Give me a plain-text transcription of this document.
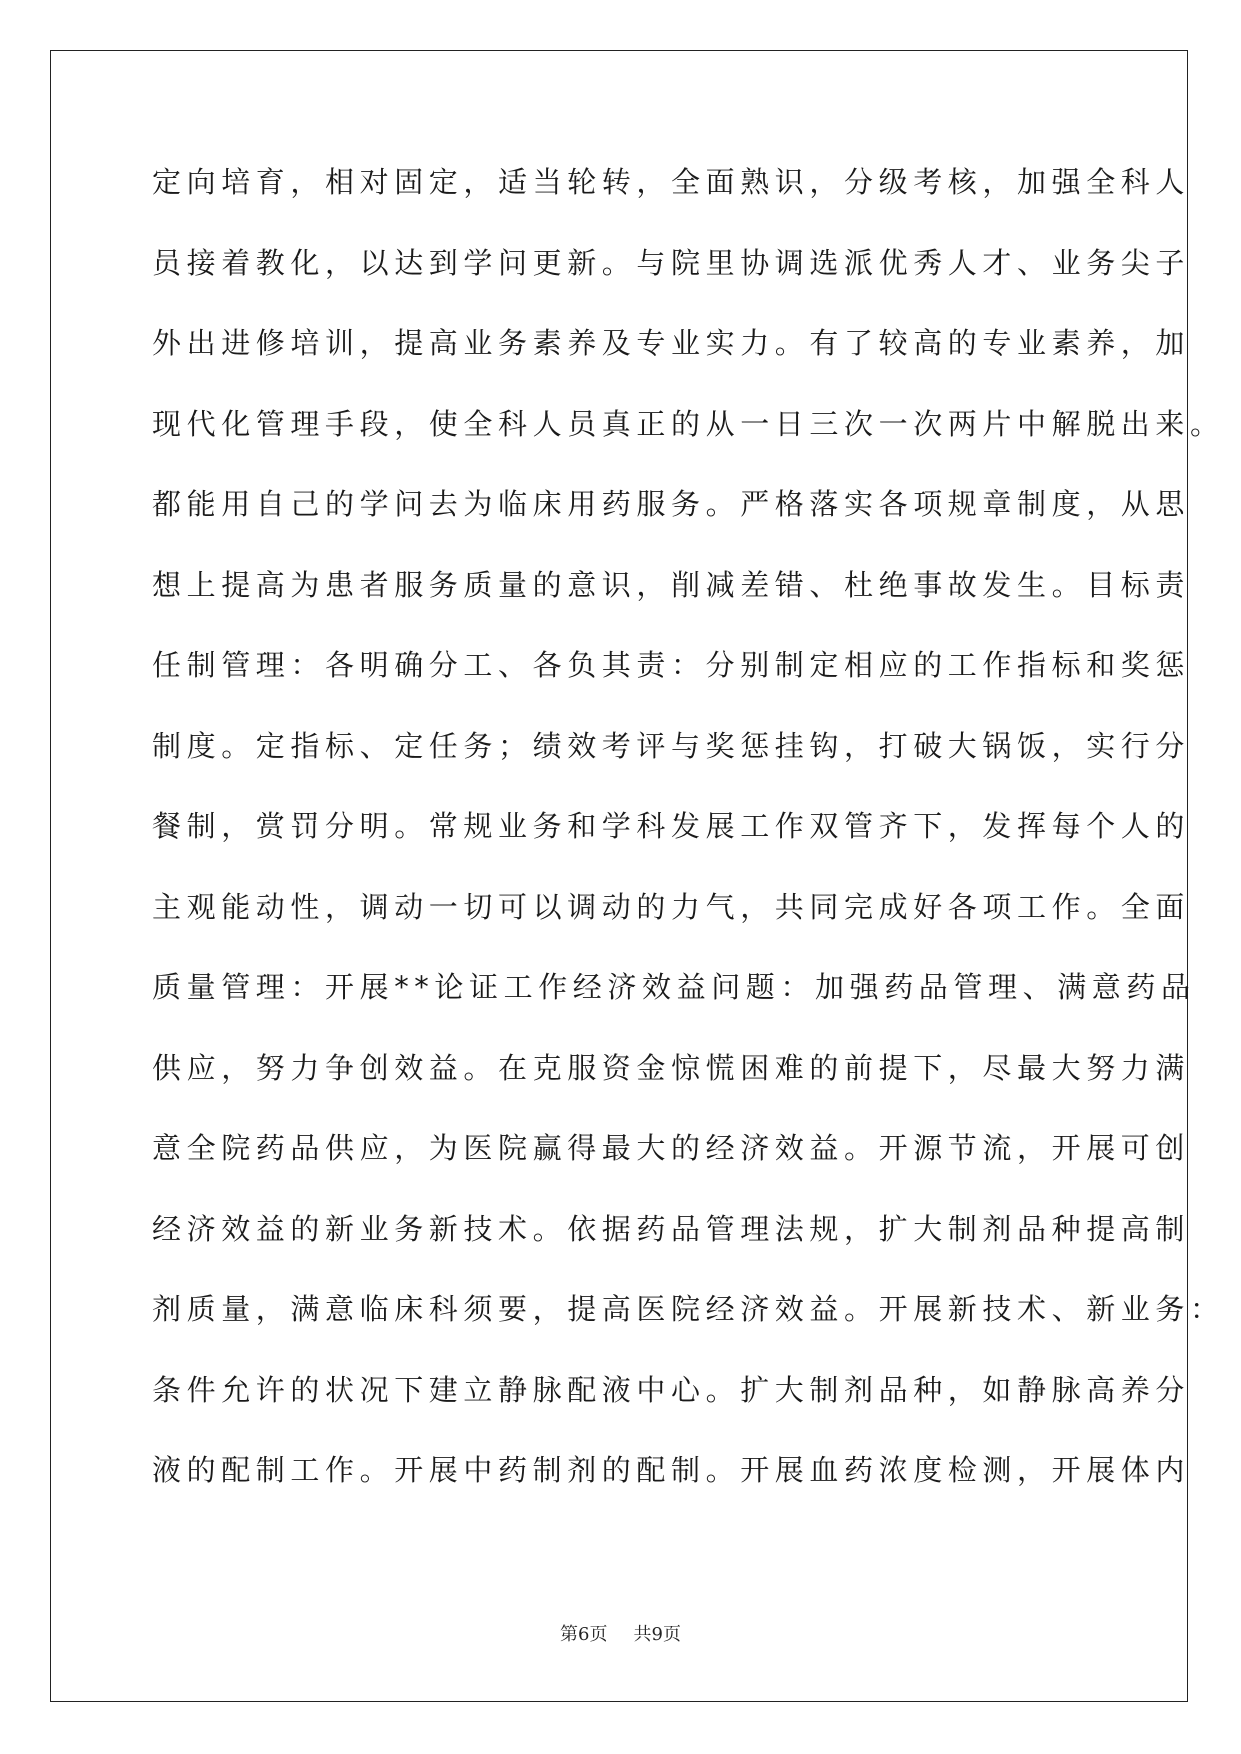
定向培育，相对固定，适当轮转，全面熟识，分级考核，加强全科人
员接着教化，以达到学问更新。与院里协调选派优秀人才、业务尖子
外出进修培训，提高业务素养及专业实力。有了较高的专业素养，加
现代化管理手段，使全科人员真正的从一日三次一次两片中解脱出来。
都能用自己的学问去为临床用药服务。严格落实各项规章制度，从思
想上提高为患者服务质量的意识，削减差错、杜绝事故发生。目标责
任制管理：各明确分工、各负其责：分别制定相应的工作指标和奖惩
制度。定指标、定任务；绩效考评与奖惩挂钩，打破大锅饭，实行分
餐制，赏罚分明。常规业务和学科发展工作双管齐下，发挥每个人的
主观能动性，调动一切可以调动的力气，共同完成好各项工作。全面
质量管理：开展**论证工作经济效益问题：加强药品管理、满意药品
供应，努力争创效益。在克服资金惊慌困难的前提下，尽最大努力满
意全院药品供应，为医院赢得最大的经济效益。开源节流，开展可创
经济效益的新业务新技术。依据药品管理法规，扩大制剂品种提高制
剂质量，满意临床科须要，提高医院经济效益。开展新技术、新业务：
条件允许的状况下建立静脉配液中心。扩大制剂品种，如静脉高养分
液的配制工作。开展中药制剂的配制。开展血药浓度检测，开展体内
第6页 共9页
